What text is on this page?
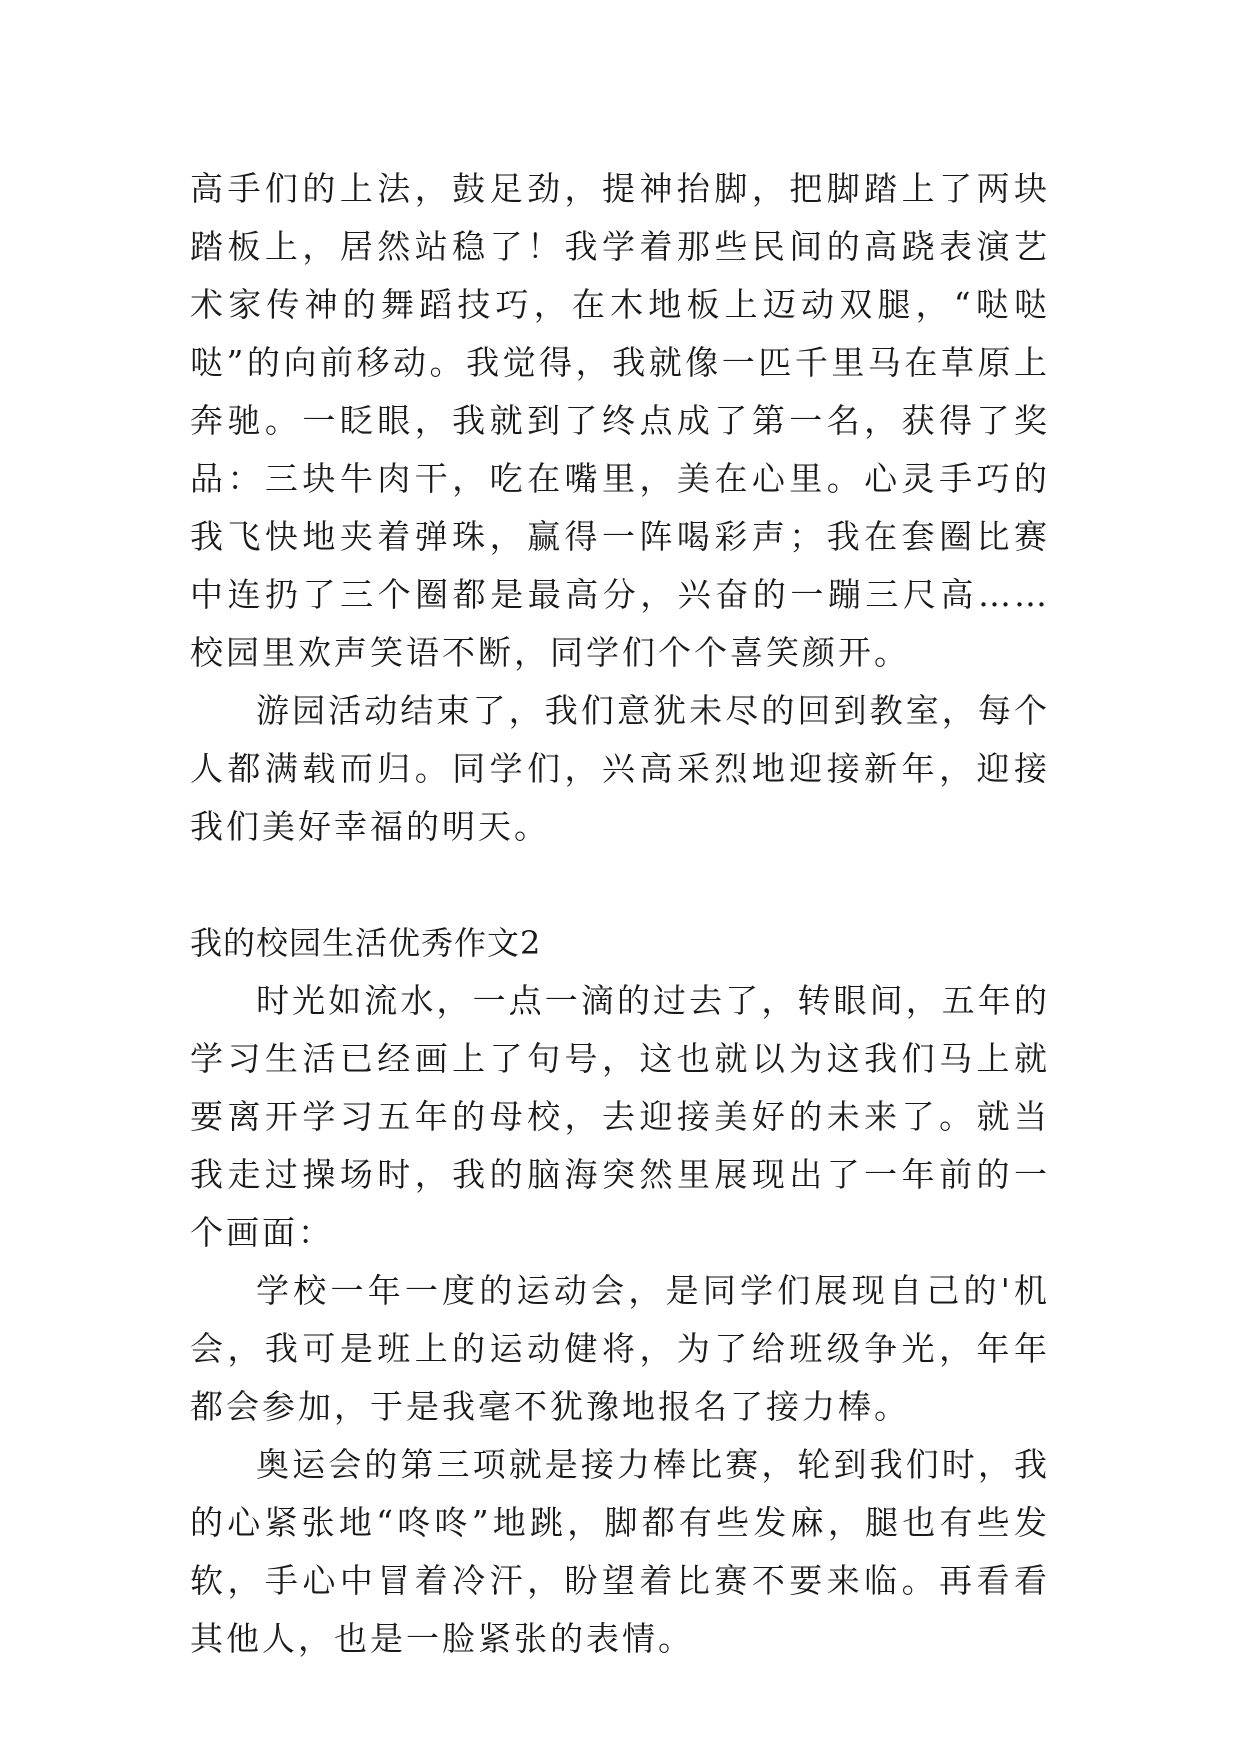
高手们的上法，鼓足劲，提神抬脚，把脚踏上了两块踏板上，居然站稳了！我学着那些民间的高跷表演艺术家传神的舞蹈技巧，在木地板上迈动双腿，“哒哒哒”的向前移动。我觉得，我就像一匹千里马在草原上奔驰。一眨眼，我就到了终点成了第一名，获得了奖品：三块牛肉干，吃在嘴里，美在心里。心灵手巧的我飞快地夹着弹珠，赢得一阵喝彩声；我在套圈比赛中连扔了三个圈都是最高分，兴奋的一蹦三尺高……校园里欢声笑语不断，同学们个个喜笑颜开。

游园活动结束了，我们意犹未尽的回到教室，每个人都满载而归。同学们，兴高采烈地迎接新年，迎接我们美好幸福的明天。

我的校园生活优秀作文2

时光如流水，一点一滴的过去了，转眼间，五年的学习生活已经画上了句号，这也就以为这我们马上就要离开学习五年的母校，去迎接美好的未来了。就当我走过操场时，我的脑海突然里展现出了一年前的一个画面：

学校一年一度的运动会，是同学们展现自己的'机会，我可是班上的运动健将，为了给班级争光，年年都会参加，于是我毫不犹豫地报名了接力棒。

奥运会的第三项就是接力棒比赛，轮到我们时，我的心紧张地“咚咚”地跳，脚都有些发麻，腿也有些发软，手心中冒着冷汗，盼望着比赛不要来临。再看看其他人，也是一脸紧张的表情。
